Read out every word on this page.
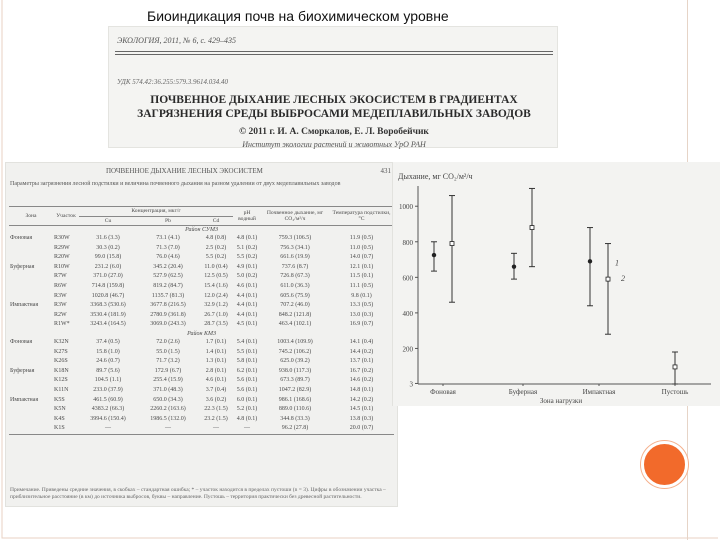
Биоиндикация почв на биохимическом уровне
ЭКОЛОГИЯ, 2011, № 6, с. 429–435
УДК 574.42:36.255:579.3.9614.034.40
ПОЧВЕННОЕ ДЫХАНИЕ ЛЕСНЫХ ЭКОСИСТЕМ В ГРАДИЕНТАХ
ЗАГРЯЗНЕНИЯ СРЕДЫ ВЫБРОСАМИ МЕДЕПЛАВИЛЬНЫХ ЗАВОДОВ
© 2011 г. И. А. Сморкалов, Е. Л. Воробейчик
Институт экологии растений и животных УрО РАН
ПОЧВЕННОЕ ДЫХАНИЕ ЛЕСНЫХ ЭКОСИСТЕМ	431
Параметры загрязнения лесной подстилки и величина почвенного дыхания на разном удалении от двух медеплавильных заводов
Зона	Участок	Концентрация, мкг/г			pH водный	Почвенное дыхание, мг CO₂/м²/ч	Температура подстилки, °С
		Cu	Pb	Cd			
Район СУМЗ							
Фоновая	R30W	31.6 (3.3)	73.1 (4.1)	4.8 (0.8)	4.8 (0.1)	759.3 (106.5)	11.9 (0.5)
	R29W	30.3 (0.2)	71.3 (7.0)	2.5 (0.2)	5.1 (0.2)	756.3 (34.1)	11.0 (0.5)
	R20W	99.0 (15.8)	76.0 (4.6)	5.5 (0.2)	5.5 (0.2)	661.6 (19.9)	14.0 (0.7)
Буферная	R10W	231.2 (6.0)	345.2 (20.4)	11.0 (0.4)	4.9 (0.1)	737.6 (8.7)	12.1 (0.1)
	R7W	371.0 (27.0)	527.9 (62.5)	12.5 (0.5)	5.0 (0.2)	726.8 (67.3)	11.5 (0.1)
	R6W	714.8 (159.8)	819.2 (84.7)	15.4 (1.6)	4.6 (0.1)	611.0 (36.3)	11.1 (0.5)
	R3W	1020.8 (46.7)	1135.7 (81.3)	12.0 (2.4)	4.4 (0.1)	605.6 (75.9)	9.8 (0.1)
Импактная	R3W	3368.3 (530.6)	3677.8 (216.5)	32.9 (1.2)	4.4 (0.1)	707.2 (46.0)	13.3 (0.5)
	R2W	3530.4 (181.9)	2780.9 (361.8)	26.7 (1.0)	4.4 (0.1)	848.2 (121.8)	13.0 (0.3)
	R1W*	3243.4 (164.5)	3069.0 (243.3)	28.7 (3.5)	4.5 (0.1)	463.4 (102.1)	16.9 (0.7)
Район КМЗ							
Фоновая	K32N	37.4 (0.5)	72.0 (2.6)	1.7 (0.1)	5.4 (0.1)	1003.4 (109.9)	14.1 (0.4)
	K27S	15.8 (1.0)	55.0 (1.5)	1.4 (0.1)	5.5 (0.1)	745.2 (106.2)	14.4 (0.2)
	K26S	24.6 (0.7)	71.7 (3.2)	1.3 (0.1)	5.8 (0.1)	625.0 (39.2)	13.7 (0.1)
Буферная	K18N	89.7 (5.6)	172.9 (6.7)	2.8 (0.1)	6.2 (0.1)	938.0 (117.3)	16.7 (0.2)
	K12S	104.5 (1.1)	255.4 (15.9)	4.6 (0.1)	5.6 (0.1)	673.3 (89.7)	14.6 (0.2)
	K11N	233.0 (37.9)	371.0 (48.3)	3.7 (0.4)	5.6 (0.1)	1047.2 (82.9)	14.8 (0.1)
Импактная	K5S	461.5 (60.9)	650.0 (34.3)	3.6 (0.2)	6.0 (0.1)	986.1 (168.6)	14.2 (0.2)
	K5N	4383.2 (66.3)	2260.2 (163.6)	22.3 (1.5)	5.2 (0.1)	889.0 (110.6)	14.5 (0.1)
	K4S	3994.6 (150.4)	1986.5 (132.0)	23.2 (1.5)	4.8 (0.1)	344.8 (33.3)	13.8 (0.3)
	K1S	—	—	—	—	96.2 (27.8)	20.0 (0.7)
Примечание. Приведены средние значения, в скобках – стандартная ошибка; * – участок находится в пределах пустоши (n = 3). Цифры в обозначении участка – приблизительное расстояние (в км) до источника выбросов, буквы – направление. Пустошь – территория практически без древесной растительности.
Дыхание, мг CO₂/м²/ч
3
200
400
600
800
1000
Фоновая	Буферная	Импактная	Пустошь
Зона нагрузки
1
2
